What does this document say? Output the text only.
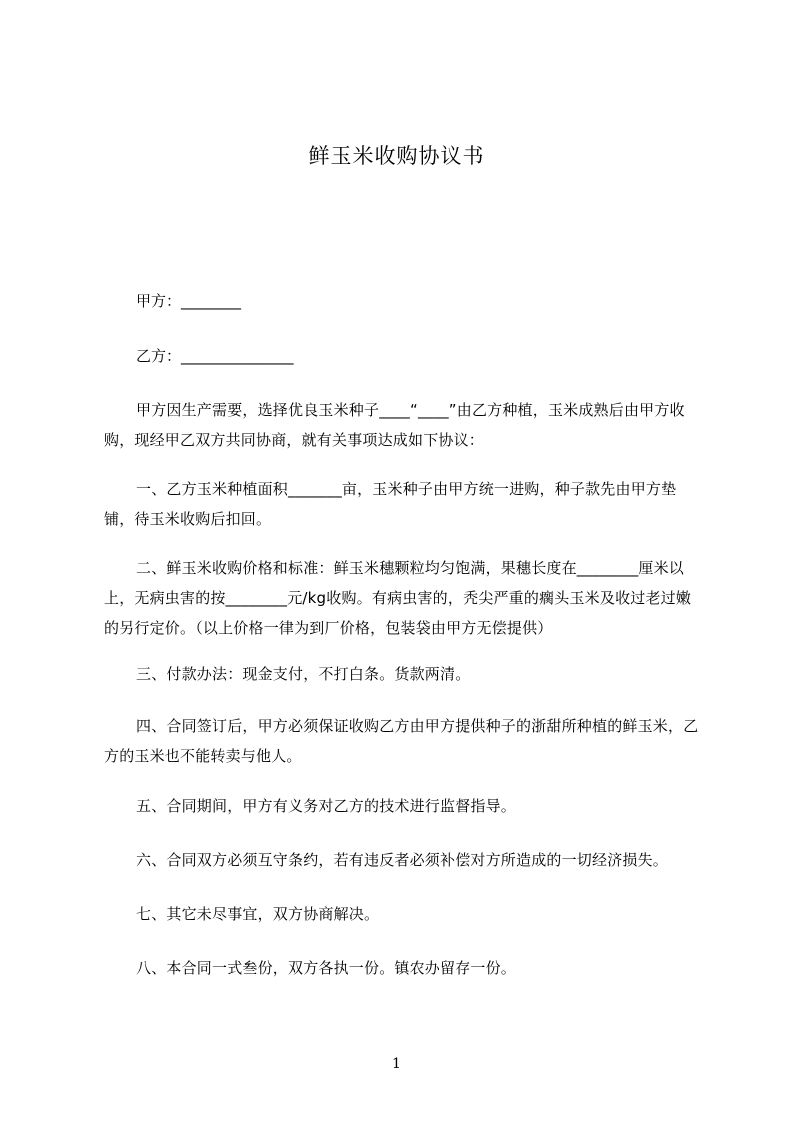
鲜玉米收购协议书
甲方：________
乙方：_______________

甲方因生产需要，选择优良玉米种子____“____”由乙方种植，玉米成熟后由甲方收购，现经甲乙双方共同协商，就有关事项达成如下协议：

一、乙方玉米种植面积_______亩，玉米种子由甲方统一进购，种子款先由甲方垫铺，待玉米收购后扣回。

二、鲜玉米收购价格和标准：鲜玉米穗颗粒均匀饱满，果穗长度在________厘米以上，无病虫害的按________元/kg收购。有病虫害的，秃尖严重的瘸头玉米及收过老过嫩的另行定价。（以上价格一律为到厂价格，包装袋由甲方无偿提供）

三、付款办法：现金支付，不打白条。货款两清。

四、合同签订后，甲方必须保证收购乙方由甲方提供种子的浙甜所种植的鲜玉米，乙方的玉米也不能转卖与他人。

五、合同期间，甲方有义务对乙方的技术进行监督指导。

六、合同双方必须互守条约，若有违反者必须补偿对方所造成的一切经济损失。

七、其它未尽事宜，双方协商解决。

八、本合同一式叁份，双方各执一份。镇农办留存一份。

1
